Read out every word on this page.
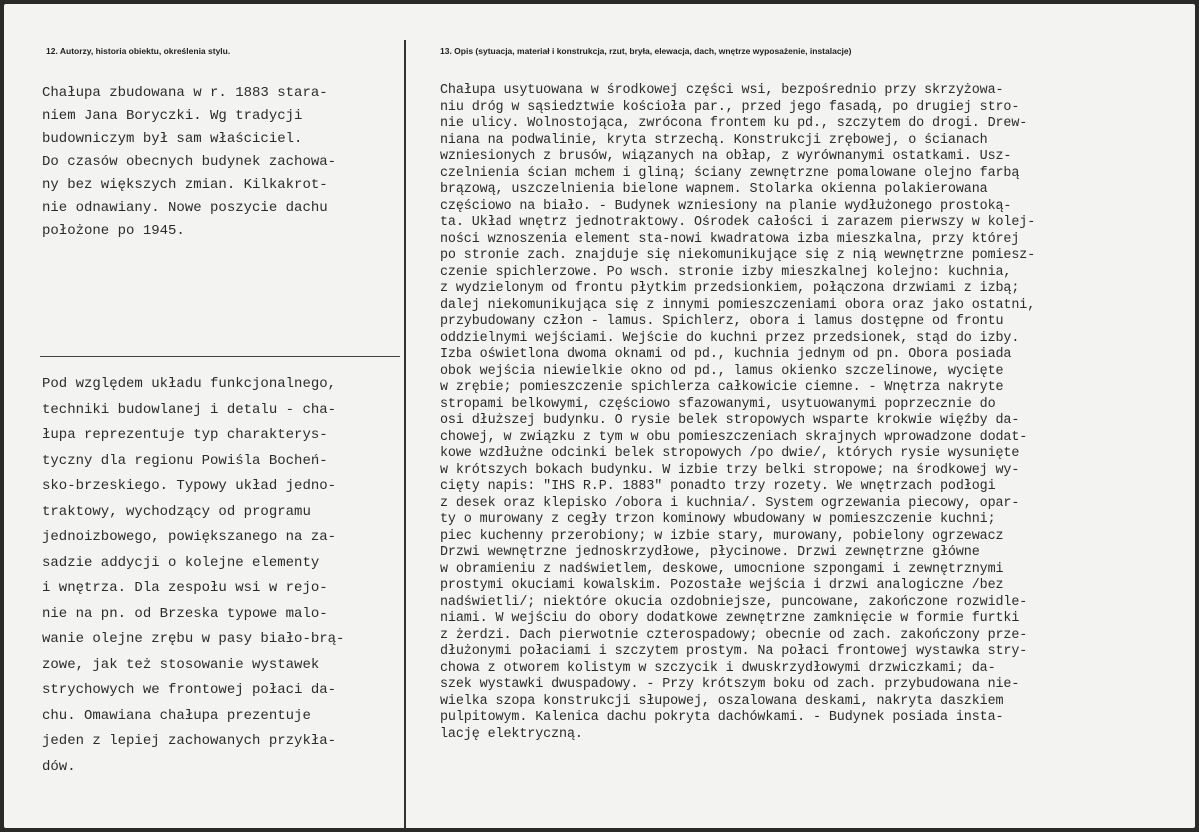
12. Autorzy, historia obiektu, określenia stylu.	13. Opis (sytuacja, materiał i konstrukcja, rzut, bryła, elewacja, dach, wnętrze wyposażenie, instalacje)
Chałupa zbudowana w r. 1883 stara-
niem Jana Boryczki. Wg tradycji
budowniczym był sam właściciel.
Do czasów obecnych budynek zachowa-
ny bez większych zmian. Kilkakrot-
nie odnawiany. Nowe poszycie dachu
położone po 1945.
Pod względem układu funkcjonalnego,
techniki budowlanej i detalu - cha-
łupa reprezentuje typ charakterys-
tyczny dla regionu Powiśla Bocheń-
sko-brzeskiego. Typowy układ jedno-
traktowy, wychodzący od programu
jednoizbowego, powiększanego na za-
sadzie addycji o kolejne elementy
i wnętrza. Dla zespołu wsi w rejo-
nie na pn. od Brzeska typowe malo-
wanie olejne zrębu w pasy biało-brą-
zowe, jak też stosowanie wystawek
strychowych we frontowej połaci da-
chu. Omawiana chałupa prezentuje
jeden z lepiej zachowanych przykła-
dów.
Chałupa usytuowana w środkowej części wsi, bezpośrednio przy skrzyżowa-
niu dróg w sąsiedztwie kościoła par., przed jego fasadą, po drugiej stro-
nie ulicy. Wolnostojąca, zwrócona frontem ku pd., szczytem do drogi. Drew-
niana na podwalinie, kryta strzechą. Konstrukcji zrębowej, o ścianach
wzniesionych z brusów, wiązanych na obłap, z wyrównanymi ostatkami. Usz-
czelnienia ścian mchem i gliną; ściany zewnętrzne pomalowane olejno farbą
brązową, uszczelnienia bielone wapnem. Stolarka okienna polakierowana
częściowo na biało. - Budynek wzniesiony na planie wydłużonego prostoką-
ta. Układ wnętrz jednotraktowy. Ośrodek całości i zarazem pierwszy w kolej-
ności wznoszenia element sta-nowi kwadratowa izba mieszkalna, przy której
po stronie zach. znajduje się niekomunikujące się z nią wewnętrzne pomiesz-
czenie spichlerzowe. Po wsch. stronie izby mieszkalnej kolejno: kuchnia,
z wydzielonym od frontu płytkim przedsionkiem, połączona drzwiami z izbą;
dalej niekomunikująca się z innymi pomieszczeniami obora oraz jako ostatni,
przybudowany człon - lamus. Spichlerz, obora i lamus dostępne od frontu
oddzielnymi wejściami. Wejście do kuchni przez przedsionek, stąd do izby.
Izba oświetlona dwoma oknami od pd., kuchnia jednym od pn. Obora posiada
obok wejścia niewielkie okno od pd., lamus okienko szczelinowe, wycięte
w zrębie; pomieszczenie spichlerza całkowicie ciemne. - Wnętrza nakryte
stropami belkowymi, częściowo sfazowanymi, usytuowanymi poprzecznie do
osi dłuższej budynku. O rysie belek stropowych wsparte krokwie więźby da-
chowej, w związku z tym w obu pomieszczeniach skrajnych wprowadzone dodat-
kowe wzdłużne odcinki belek stropowych /po dwie/, których rysie wysunięte
w krótszych bokach budynku. W izbie trzy belki stropowe; na środkowej wy-
cięty napis: "IHS R.P. 1883" ponadto trzy rozety. We wnętrzach podłogi
z desek oraz klepisko /obora i kuchnia/. System ogrzewania piecowy, opar-
ty o murowany z cegły trzon kominowy wbudowany w pomieszczenie kuchni;
piec kuchenny przerobiony; w izbie stary, murowany, pobielony ogrzewacz
Drzwi wewnętrzne jednoskrzydłowe, płycinowe. Drzwi zewnętrzne główne
w obramieniu z nadświetlem, deskowe, umocnione szpongami i zewnętrznymi
prostymi okuciami kowalskim. Pozostałe wejścia i drzwi analogiczne /bez
nadświetli/; niektóre okucia ozdobniejsze, puncowane, zakończone rozwidle-
niami. W wejściu do obory dodatkowe zewnętrzne zamknięcie w formie furtki
z żerdzi. Dach pierwotnie czterospadowy; obecnie od zach. zakończony prze-
dłużonymi połaciami i szczytem prostym. Na połaci frontowej wystawka stry-
chowa z otworem kolistym w szczycik i dwuskrzydłowymi drzwiczkami; da-
szek wystawki dwuspadowy. - Przy krótszym boku od zach. przybudowana nie-
wielka szopa konstrukcji słupowej, oszalowana deskami, nakryta daszkiem
pulpitowym. Kalenica dachu pokryta dachówkami. - Budynek posiada insta-
lację elektryczną.
